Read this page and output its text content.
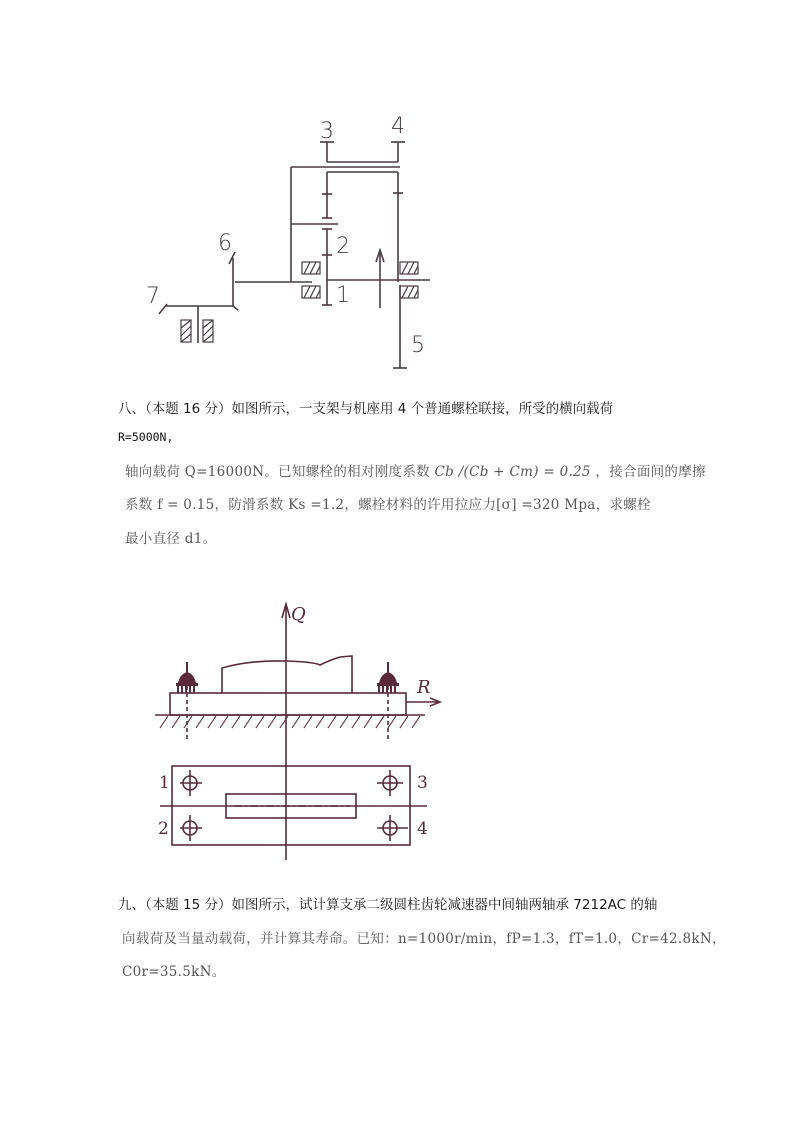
3	4
2
1
5
6
7
八、（本题 16 分）如图所示，一支架与机座用 4 个普通螺栓联接，所受的横向载荷
R=5000N,
轴向载荷 Q=16000N。已知螺栓的相对刚度系数 Cb /(Cb + Cm) = 0.25 ，接合面间的摩擦
系数 f = 0.15，防滑系数 Ks =1.2，螺栓材料的许用拉应力[σ] =320 Mpa，求螺栓
最小直径 d1。
Q
R
1
2
3
4
九、（本题 15 分）如图所示，试计算支承二级圆柱齿轮减速器中间轴两轴承 7212AC 的轴
向载荷及当量动载荷，并计算其寿命。已知：n=1000r/min，fP=1.3，fT=1.0，Cr=42.8kN，
C0r=35.5kN。
